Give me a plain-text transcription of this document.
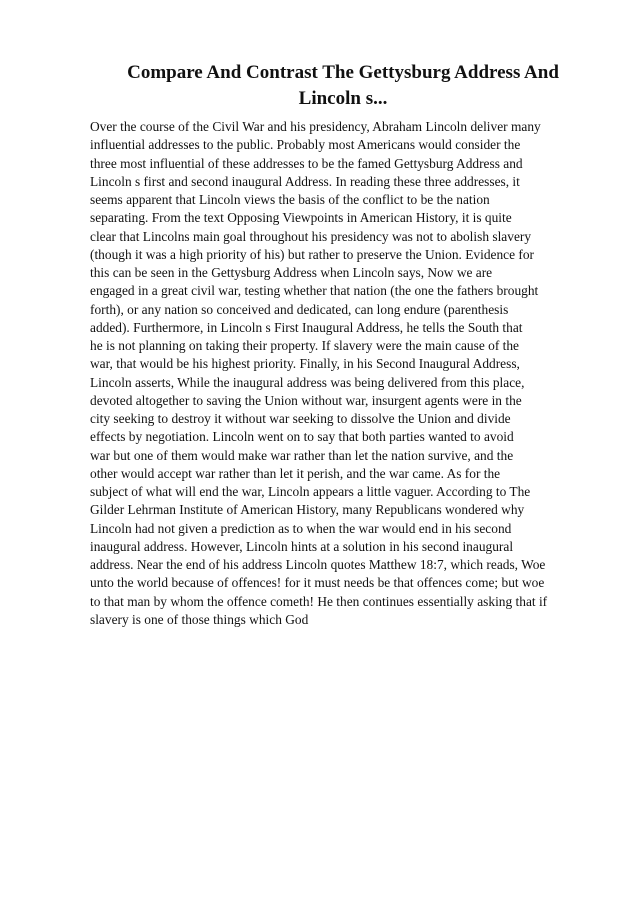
Compare And Contrast The Gettysburg Address And
Lincoln s...
Over the course of the Civil War and his presidency, Abraham Lincoln deliver many
influential addresses to the public. Probably most Americans would consider the
three most influential of these addresses to be the famed Gettysburg Address and
Lincoln s first and second inaugural Address. In reading these three addresses, it
seems apparent that Lincoln views the basis of the conflict to be the nation
separating. From the text Opposing Viewpoints in American History, it is quite
clear that Lincolns main goal throughout his presidency was not to abolish slavery
(though it was a high priority of his) but rather to preserve the Union. Evidence for
this can be seen in the Gettysburg Address when Lincoln says, Now we are
engaged in a great civil war, testing whether that nation (the one the fathers brought
forth), or any nation so conceived and dedicated, can long endure (parenthesis
added). Furthermore, in Lincoln s First Inaugural Address, he tells the South that
he is not planning on taking their property. If slavery were the main cause of the
war, that would be his highest priority. Finally, in his Second Inaugural Address,
Lincoln asserts, While the inaugural address was being delivered from this place,
devoted altogether to saving the Union without war, insurgent agents were in the
city seeking to destroy it without war seeking to dissolve the Union and divide
effects by negotiation. Lincoln went on to say that both parties wanted to avoid
war but one of them would make war rather than let the nation survive, and the
other would accept war rather than let it perish, and the war came. As for the
subject of what will end the war, Lincoln appears a little vaguer. According to The
Gilder Lehrman Institute of American History, many Republicans wondered why
Lincoln had not given a prediction as to when the war would end in his second
inaugural address. However, Lincoln hints at a solution in his second inaugural
address. Near the end of his address Lincoln quotes Matthew 18:7, which reads, Woe
unto the world because of offences! for it must needs be that offences come; but woe
to that man by whom the offence cometh! He then continues essentially asking that if
slavery is one of those things which God
